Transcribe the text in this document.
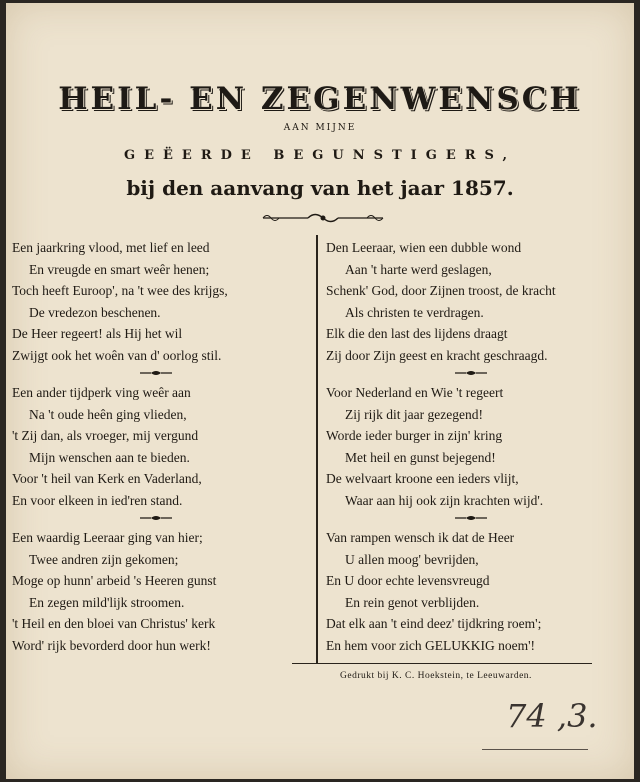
HEIL- EN ZEGENWENSCH
AAN MIJNE
GEËERDE BEGUNSTIGERS,
bij den aanvang van het jaar 1857.
Een jaarkring vlood, met lief en leed
En vreugde en smart weêr henen;
Toch heeft Euroop', na 't wee des krijgs,
De vredezon beschenen.
De Heer regeert! als Hij het wil
Zwijgt ook het woên van d' oorlog stil.
Een ander tijdperk ving weêr aan
Na 't oude heên ging vlieden,
't Zij dan, als vroeger, mij vergund
Mijn wenschen aan te bieden.
Voor 't heil van Kerk en Vaderland,
En voor elkeen in ied'ren stand.
Een waardig Leeraar ging van hier;
Twee andren zijn gekomen;
Moge op hunn' arbeid 's Heeren gunst
En zegen mild'lijk stroomen.
't Heil en den bloei van Christus' kerk
Word' rijk bevorderd door hun werk!
Den Leeraar, wien een dubble wond
Aan 't harte werd geslagen,
Schenk' God, door Zijnen troost, de kracht
Als christen te verdragen.
Elk die den last des lijdens draagt
Zij door Zijn geest en kracht geschraagd.
Voor Nederland en Wie 't regeert
Zij rijk dit jaar gezegend!
Worde ieder burger in zijn' kring
Met heil en gunst bejegend!
De welvaart kroone een ieders vlijt,
Waar aan hij ook zijn krachten wijd'.
Van rampen wensch ik dat de Heer
U allen moog' bevrijden,
En U door echte levensvreugd
En rein genot verblijden.
Dat elk aan 't eind deez' tijdkring roem';
En hem voor zich GELUKKIG noem'!
Gedrukt bij K. C. Hoekstein, te Leeuwarden.
74 ,3.
